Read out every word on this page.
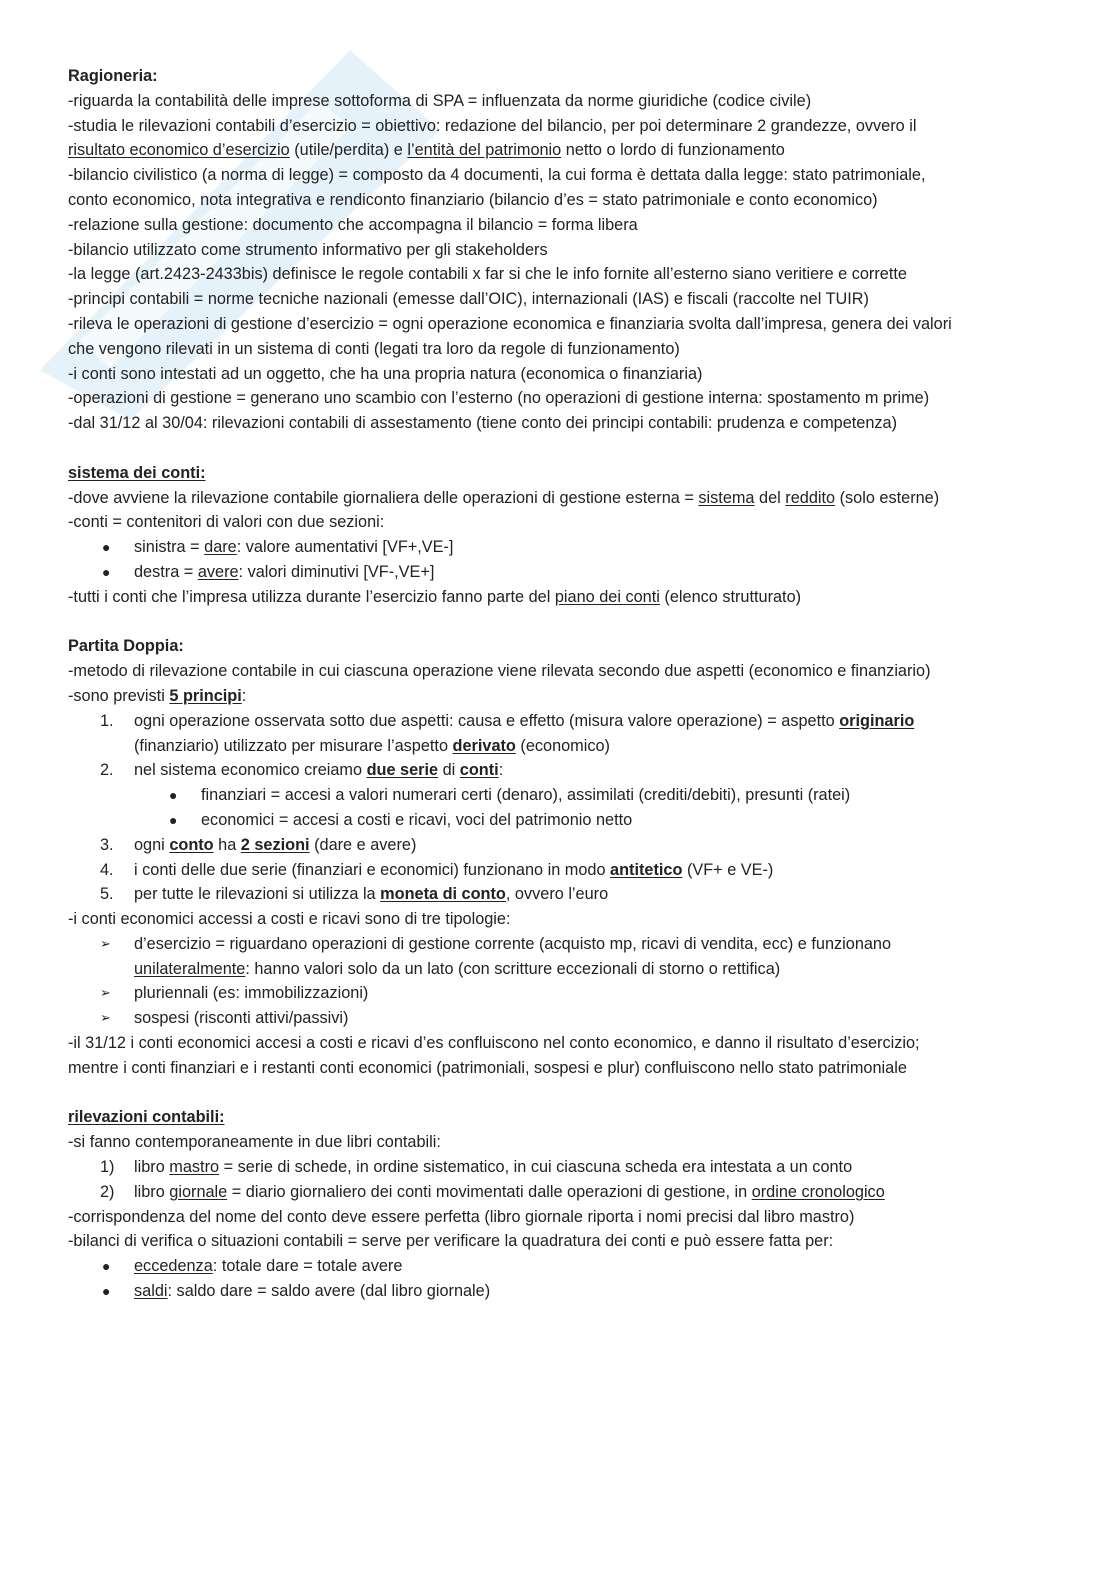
Ragioneria:
-riguarda la contabilità delle imprese sottoforma di SPA = influenzata da norme giuridiche (codice civile)
-studia le rilevazioni contabili d’esercizio = obiettivo: redazione del bilancio, per poi determinare 2 grandezze, ovvero il
risultato economico d’esercizio (utile/perdita) e l’entità del patrimonio netto o lordo di funzionamento
-bilancio civilistico (a norma di legge) = composto da 4 documenti, la cui forma è dettata dalla legge: stato patrimoniale,
conto economico, nota integrativa e rendiconto finanziario (bilancio d’es = stato patrimoniale e conto economico)
-relazione sulla gestione: documento che accompagna il bilancio = forma libera
-bilancio utilizzato come strumento informativo per gli stakeholders
-la legge (art.2423-2433bis) definisce le regole contabili x far si che le info fornite all’esterno siano veritiere e corrette
-principi contabili = norme tecniche nazionali (emesse dall’OIC), internazionali (IAS) e fiscali (raccolte nel TUIR)
-rileva le operazioni di gestione d’esercizio = ogni operazione economica e finanziaria svolta dall’impresa, genera dei valori
che vengono rilevati in un sistema di conti (legati tra loro da regole di funzionamento)
-i conti sono intestati ad un oggetto, che ha una propria natura (economica o finanziaria)
-operazioni di gestione = generano uno scambio con l’esterno (no operazioni di gestione interna: spostamento m prime)
-dal 31/12 al 30/04: rilevazioni contabili di assestamento (tiene conto dei principi contabili: prudenza e competenza)
sistema dei conti:
-dove avviene la rilevazione contabile giornaliera delle operazioni di gestione esterna = sistema del reddito (solo esterne)
-conti = contenitori di valori con due sezioni:
● sinistra = dare: valore aumentativi [VF+,VE-]
● destra = avere: valori diminutivi [VF-,VE+]
-tutti i conti che l’impresa utilizza durante l’esercizio fanno parte del piano dei conti (elenco strutturato)
Partita Doppia:
-metodo di rilevazione contabile in cui ciascuna operazione viene rilevata secondo due aspetti (economico e finanziario)
-sono previsti 5 principi:
1. ogni operazione osservata sotto due aspetti: causa e effetto (misura valore operazione) = aspetto originario
(finanziario) utilizzato per misurare l’aspetto derivato (economico)
2. nel sistema economico creiamo due serie di conti:
● finanziari = accesi a valori numerari certi (denaro), assimilati (crediti/debiti), presunti (ratei)
● economici = accesi a costi e ricavi, voci del patrimonio netto
3. ogni conto ha 2 sezioni (dare e avere)
4. i conti delle due serie (finanziari e economici) funzionano in modo antitetico (VF+ e VE-)
5. per tutte le rilevazioni si utilizza la moneta di conto, ovvero l’euro
-i conti economici accessi a costi e ricavi sono di tre tipologie:
➢ d’esercizio = riguardano operazioni di gestione corrente (acquisto mp, ricavi di vendita, ecc) e funzionano
unilateralmente: hanno valori solo da un lato (con scritture eccezionali di storno o rettifica)
➢ pluriennali (es: immobilizzazioni)
➢ sospesi (risconti attivi/passivi)
-il 31/12 i conti economici accesi a costi e ricavi d’es confluiscono nel conto economico, e danno il risultato d’esercizio;
mentre i conti finanziari e i restanti conti economici (patrimoniali, sospesi e plur) confluiscono nello stato patrimoniale
rilevazioni contabili:
-si fanno contemporaneamente in due libri contabili:
1) libro mastro = serie di schede, in ordine sistematico, in cui ciascuna scheda era intestata a un conto
2) libro giornale = diario giornaliero dei conti movimentati dalle operazioni di gestione, in ordine cronologico
-corrispondenza del nome del conto deve essere perfetta (libro giornale riporta i nomi precisi dal libro mastro)
-bilanci di verifica o situazioni contabili = serve per verificare la quadratura dei conti e può essere fatta per:
● eccedenza: totale dare = totale avere
● saldi: saldo dare = saldo avere (dal libro giornale)
